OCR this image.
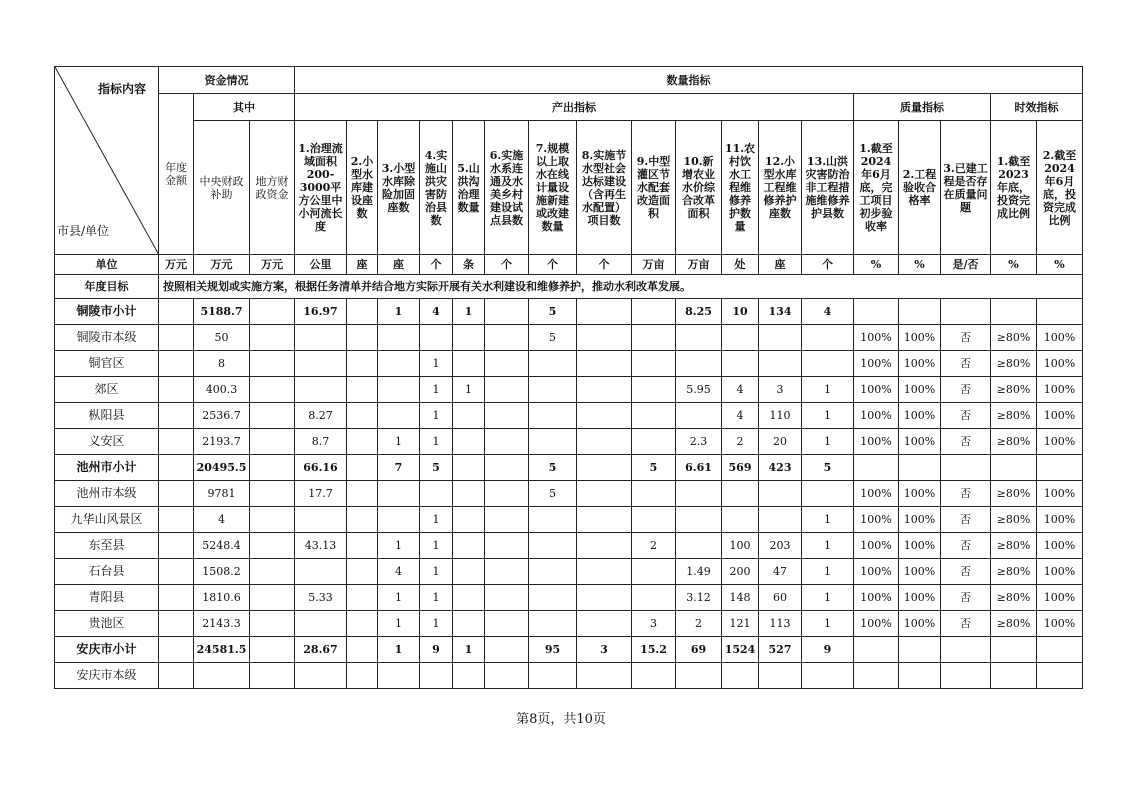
指标内容
市县/单位	资金情况			数量指标																	
	年度金额	其中		产出指标													质量指标			时效指标	
		中央财政补助	地方财政资金	1.治理流域面积200-3000平方公里中小河流长度	2.小型水库建设座数	3.小型水库除险加固座数	4.实施山洪灾害防治县数	5.山洪沟治理数量	6.实施水系连通及水美乡村建设试点县数	7.规模以上取水在线计量设施新建或改建数量	8.实施节水型社会达标建设（含再生水配置）项目数	9.中型灌区节水配套改造面积	10.新增农业水价综合改革面积	11.农村饮水工程维修养护数量	12.小型水库工程维修养护座数	13.山洪灾害防治非工程措施维修养护县数	1.截至2024年6月底，完工项目初步验收率	2.工程验收合格率	3.已建工程是否存在质量问题	1.截至2023年底，投资完成比例	2.截至2024年6月底，投资完成比例

单位	万元	万元	万元	公里	座	座	个	条	个	个	个	万亩	万亩	处	座	个	%	%	是/否	%	%
年度目标	按照相关规划或实施方案，根据任务清单并结合地方实际开展有关水利建设和维修养护，推动水利改革发展。																				
铜陵市小计		5188.7		16.97		1	4	1		5			8.25	10	134	4					
铜陵市本级		50								5							100%	100%	否	≥80%	100%
铜官区		8					1										100%	100%	否	≥80%	100%
郊区		400.3					1	1					5.95	4	3	1	100%	100%	否	≥80%	100%
枞阳县		2536.7		8.27			1							4	110	1	100%	100%	否	≥80%	100%
义安区		2193.7		8.7		1	1						2.3	2	20	1	100%	100%	否	≥80%	100%
池州市小计		20495.5		66.16		7	5			5		5	6.61	569	423	5					
池州市本级		9781		17.7						5							100%	100%	否	≥80%	100%
九华山风景区		4					1									1	100%	100%	否	≥80%	100%
东至县		5248.4		43.13		1	1					2		100	203	1	100%	100%	否	≥80%	100%
石台县		1508.2				4	1						1.49	200	47	1	100%	100%	否	≥80%	100%
青阳县		1810.6		5.33		1	1						3.12	148	60	1	100%	100%	否	≥80%	100%
贵池区		2143.3				1	1					3	2	121	113	1	100%	100%	否	≥80%	100%
安庆市小计		24581.5		28.67		1	9	1		95	3	15.2	69	1524	527	9					
安庆市本级																					
第8页，共10页
